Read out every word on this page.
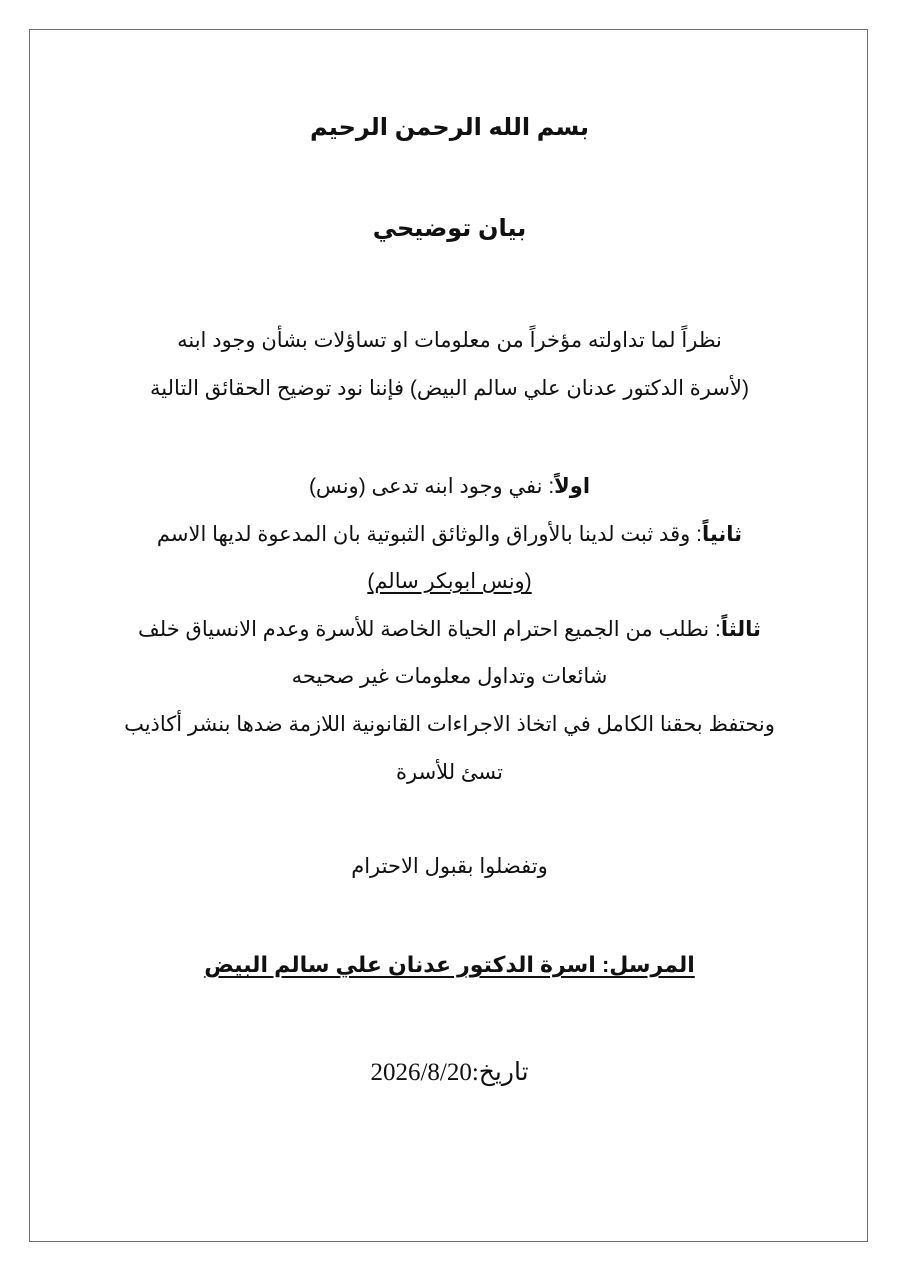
بسم الله الرحمن الرحيم
بيان توضيحي
نظراً لما تداولته مؤخراً من معلومات او تساؤلات بشأن وجود ابنه
(لأسرة الدكتور عدنان علي سالم البيض) فإننا نود توضيح الحقائق التالية
اولاً: نفي وجود ابنه تدعى (ونس)
ثانياً: وقد ثبت لدينا بالأوراق والوثائق الثبوتية بان المدعوة لديها الاسم
(ونس ابوبكر سالم)
ثالثاً: نطلب من الجميع احترام الحياة الخاصة للأسرة وعدم الانسياق خلف
شائعات وتداول معلومات غير صحيحه
ونحتفظ بحقنا الكامل في اتخاذ الاجراءات القانونية اللازمة ضدها بنشر أكاذيب
تسئ للأسرة
وتفضلوا بقبول الاحترام
المرسل: اسرة الدكتور عدنان علي سالم البيض
تاريخ:2026/8/20
